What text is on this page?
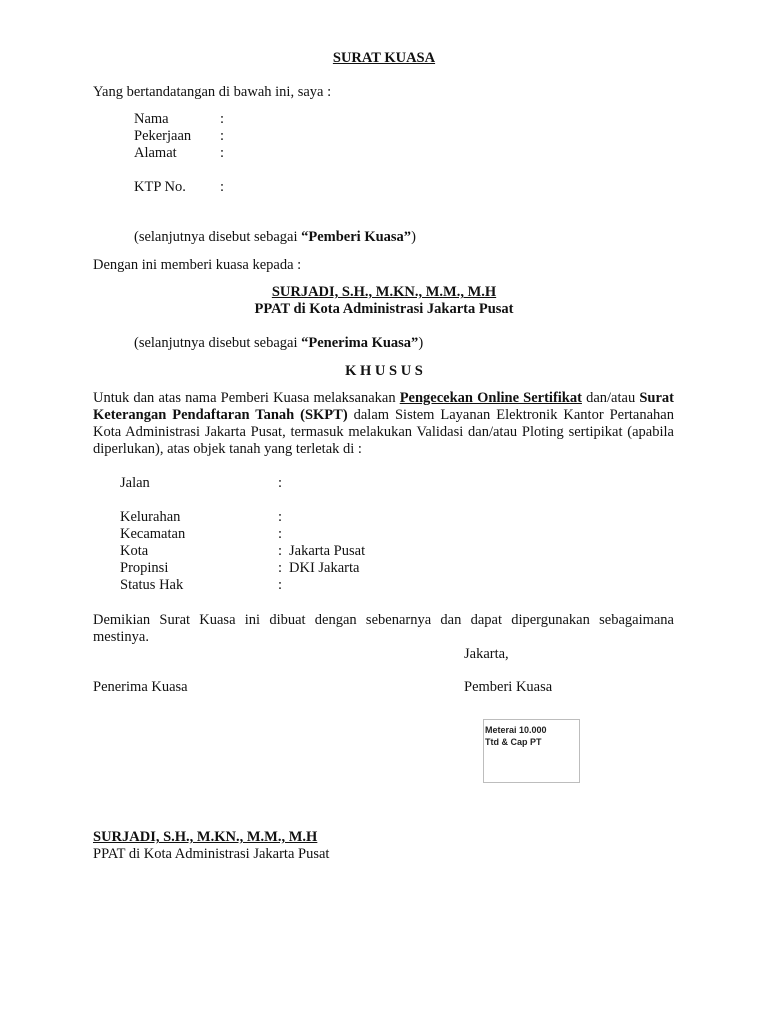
SURAT KUASA
Yang bertandatangan di bawah ini, saya :
Nama	:
Pekerjaan :
Alamat	:
KTP No. :
(selanjutnya disebut sebagai “Pemberi Kuasa”)
Dengan ini memberi kuasa kepada :
SURJADI, S.H., M.KN., M.M., M.H
PPAT di Kota Administrasi Jakarta Pusat
(selanjutnya disebut sebagai “Penerima Kuasa”)
K H U S U S
Untuk dan atas nama Pemberi Kuasa melaksanakan Pengecekan Online Sertifikat dan/atau Surat Keterangan Pendaftaran Tanah (SKPT) dalam Sistem Layanan Elektronik Kantor Pertanahan Kota Administrasi Jakarta Pusat, termasuk melakukan Validasi dan/atau Ploting sertipikat (apabila diperlukan), atas objek tanah yang terletak di :
Jalan	:
Kelurahan	:
Kecamatan	:
Kota	: Jakarta Pusat
Propinsi	: DKI Jakarta
Status Hak	:
Demikian Surat Kuasa ini dibuat dengan sebenarnya dan dapat dipergunakan sebagaimana mestinya.
Jakarta,
Penerima Kuasa	Pemberi Kuasa
Meterai 10.000
Ttd & Cap PT
SURJADI, S.H., M.KN., M.M., M.H
PPAT di Kota Administrasi Jakarta Pusat
